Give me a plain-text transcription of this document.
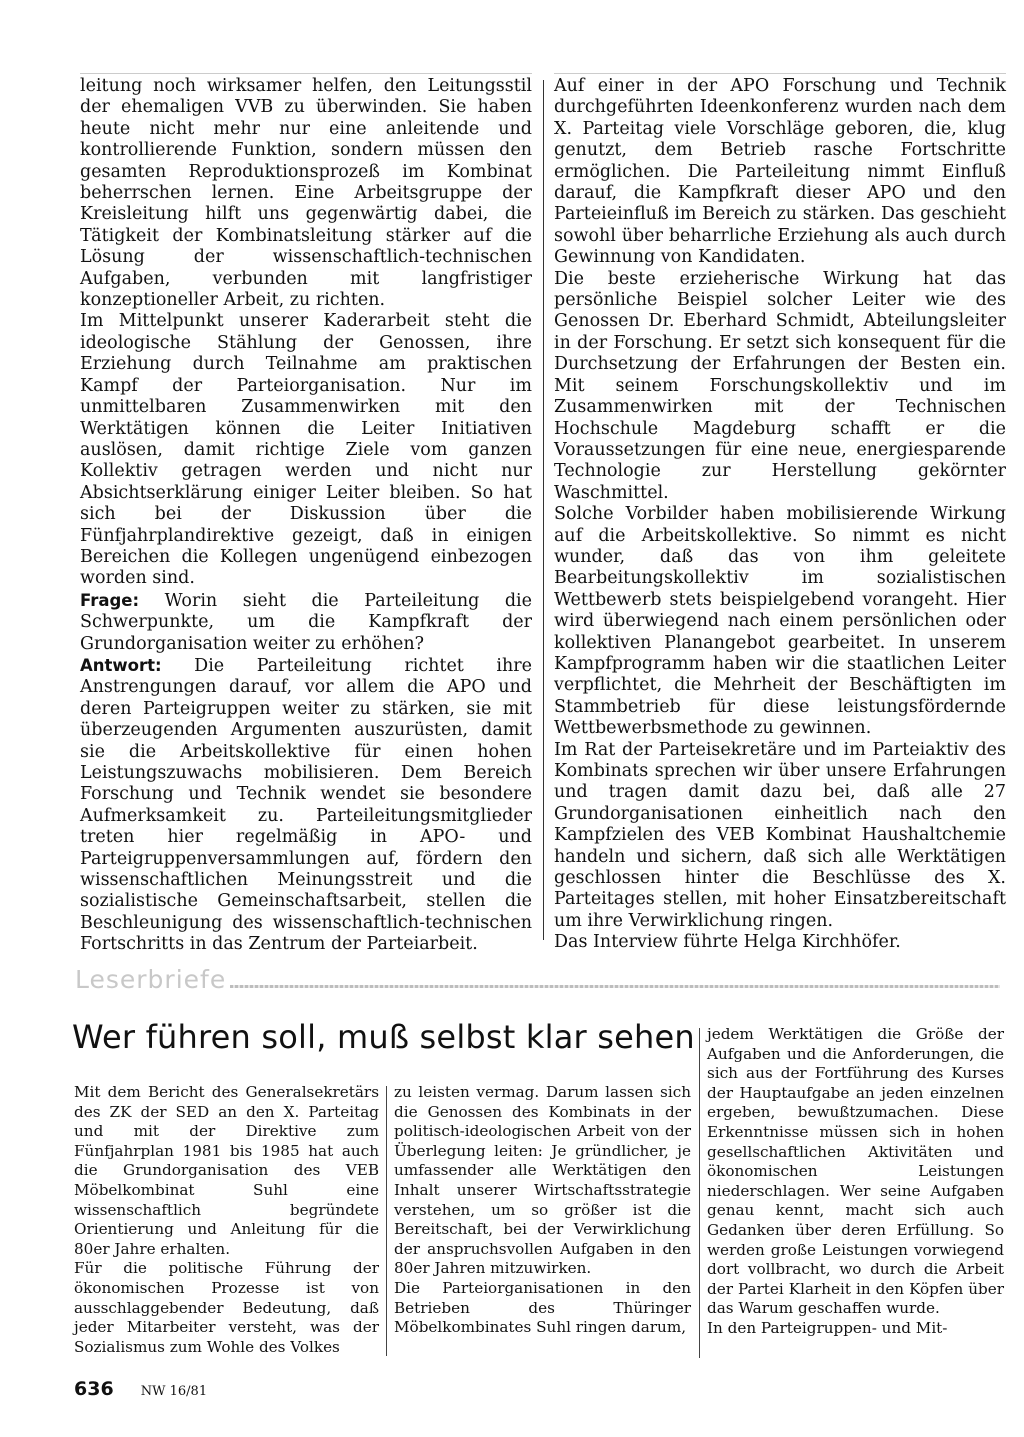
leitung noch wirksamer helfen, den Leitungsstil der ehemaligen VVB zu überwinden. Sie haben heute nicht mehr nur eine anleitende und kontrollierende Funktion, sondern müssen den gesamten Reproduktionsprozeß im Kombinat beherrschen lernen. Eine Arbeitsgruppe der Kreisleitung hilft uns gegenwärtig dabei, die Tätigkeit der Kombinatsleitung stärker auf die Lösung der wissenschaftlich-technischen Aufgaben, verbunden mit langfristiger konzeptioneller Arbeit, zu richten.

Im Mittelpunkt unserer Kaderarbeit steht die ideologische Stählung der Genossen, ihre Erziehung durch Teilnahme am praktischen Kampf der Parteiorganisation. Nur im unmittelbaren Zusammenwirken mit den Werktätigen können die Leiter Initiativen auslösen, damit richtige Ziele vom ganzen Kollektiv getragen werden und nicht nur Absichtserklärung einiger Leiter bleiben. So hat sich bei der Diskussion über die Fünfjahrplandirektive gezeigt, daß in einigen Bereichen die Kollegen ungenügend einbezogen worden sind.

Frage: Worin sieht die Parteileitung die Schwerpunkte, um die Kampfkraft der Grundorganisation weiter zu erhöhen?

Antwort: Die Parteileitung richtet ihre Anstrengungen darauf, vor allem die APO und deren Parteigruppen weiter zu stärken, sie mit überzeugenden Argumenten auszurüsten, damit sie die Arbeitskollektive für einen hohen Leistungszuwachs mobilisieren. Dem Bereich Forschung und Technik wendet sie besondere Aufmerksamkeit zu. Parteileitungsmitglieder treten hier regelmäßig in APO- und Parteigruppenversammlungen auf, fördern den wissenschaftlichen Meinungsstreit und die sozialistische Gemeinschaftsarbeit, stellen die Beschleunigung des wissenschaftlich-technischen Fortschritts in das Zentrum der Parteiarbeit.

Auf einer in der APO Forschung und Technik durchgeführten Ideenkonferenz wurden nach dem X. Parteitag viele Vorschläge geboren, die, klug genutzt, dem Betrieb rasche Fortschritte ermöglichen. Die Parteileitung nimmt Einfluß darauf, die Kampfkraft dieser APO und den Parteieinfluß im Bereich zu stärken. Das geschieht sowohl über beharrliche Erziehung als auch durch Gewinnung von Kandidaten.

Die beste erzieherische Wirkung hat das persönliche Beispiel solcher Leiter wie des Genossen Dr. Eberhard Schmidt, Abteilungsleiter in der Forschung. Er setzt sich konsequent für die Durchsetzung der Erfahrungen der Besten ein. Mit seinem Forschungskollektiv und im Zusammenwirken mit der Technischen Hochschule Magdeburg schafft er die Voraussetzungen für eine neue, energiesparende Technologie zur Herstellung gekörnter Waschmittel.

Solche Vorbilder haben mobilisierende Wirkung auf die Arbeitskollektive. So nimmt es nicht wunder, daß das von ihm geleitete Bearbeitungskollektiv im sozialistischen Wettbewerb stets beispielgebend vorangeht. Hier wird überwiegend nach einem persönlichen oder kollektiven Planangebot gearbeitet. In unserem Kampfprogramm haben wir die staatlichen Leiter verpflichtet, die Mehrheit der Beschäftigten im Stammbetrieb für diese leistungsfördernde Wettbewerbsmethode zu gewinnen.

Im Rat der Parteisekretäre und im Parteiaktiv des Kombinats sprechen wir über unsere Erfahrungen und tragen damit dazu bei, daß alle 27 Grundorganisationen einheitlich nach den Kampfzielen des VEB Kombinat Haushaltchemie handeln und sichern, daß sich alle Werktätigen geschlossen hinter die Beschlüsse des X. Parteitages stellen, mit hoher Einsatzbereitschaft um ihre Verwirklichung ringen.

Das Interview führte Helga Kirchhöfer.

Leserbriefe
Wer führen soll, muß selbst klar sehen

Mit dem Bericht des Generalsekretärs des ZK der SED an den X. Parteitag und mit der Direktive zum Fünfjahrplan 1981 bis 1985 hat auch die Grundorganisation des VEB Möbelkombinat Suhl eine wissenschaftlich begründete Orientierung und Anleitung für die 80er Jahre erhalten.

Für die politische Führung der ökonomischen Prozesse ist von ausschlaggebender Bedeutung, daß jeder Mitarbeiter versteht, was der Sozialismus zum Wohle des Volkes

zu leisten vermag. Darum lassen sich die Genossen des Kombinats in der politisch-ideologischen Arbeit von der Überlegung leiten: Je gründlicher, je umfassender alle Werktätigen den Inhalt unserer Wirtschaftsstrategie verstehen, um so größer ist die Bereitschaft, bei der Verwirklichung der anspruchsvollen Aufgaben in den 80er Jahren mitzuwirken.

Die Parteiorganisationen in den Betrieben des Thüringer Möbelkombinates Suhl ringen darum,

jedem Werktätigen die Größe der Aufgaben und die Anforderungen, die sich aus der Fortführung des Kurses der Hauptaufgabe an jeden einzelnen ergeben, bewußtzumachen. Diese Erkenntnisse müssen sich in hohen gesellschaftlichen Aktivitäten und ökonomischen Leistungen niederschlagen. Wer seine Aufgaben genau kennt, macht sich auch Gedanken über deren Erfüllung. So werden große Leistungen vorwiegend dort vollbracht, wo durch die Arbeit der Partei Klarheit in den Köpfen über das Warum geschaffen wurde.

In den Parteigruppen- und Mit-

636 NW 16/81
